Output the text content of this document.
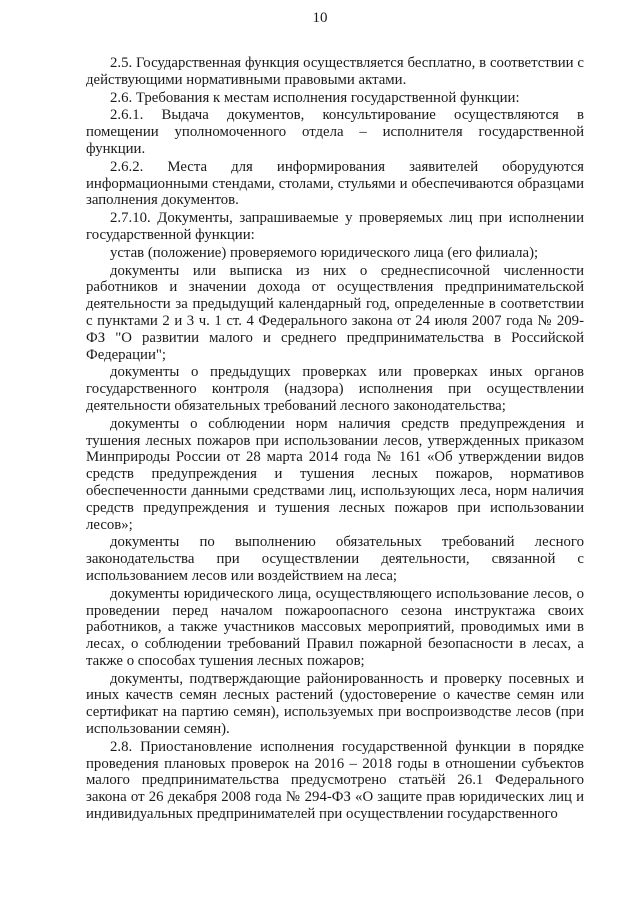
10

2.5. Государственная функция осуществляется бесплатно, в соответствии с действующими нормативными правовыми актами.

2.6. Требования к местам исполнения государственной функции:

2.6.1. Выдача документов, консультирование осуществляются в помещении уполномоченного отдела – исполнителя государственной функции.

2.6.2. Места для информирования заявителей оборудуются информационными стендами, столами, стульями и обеспечиваются образцами заполнения документов.

2.7.10. Документы, запрашиваемые у проверяемых лиц при исполнении государственной функции:

устав (положение) проверяемого юридического лица (его филиала);

документы или выписка из них о среднесписочной численности работников и значении дохода от осуществления предпринимательской деятельности за предыдущий календарный год, определенные в соответствии с пунктами 2 и 3 ч. 1 ст. 4 Федерального закона от 24 июля 2007 года № 209-ФЗ "О развитии малого и среднего предпринимательства в Российской Федерации";

документы о предыдущих проверках или проверках иных органов государственного контроля (надзора) исполнения при осуществлении деятельности обязательных требований лесного законодательства;

документы о соблюдении норм наличия средств предупреждения и тушения лесных пожаров при использовании лесов, утвержденных приказом Минприроды России от 28 марта 2014 года № 161 «Об утверждении видов средств предупреждения и тушения лесных пожаров, нормативов обеспеченности данными средствами лиц, использующих леса, норм наличия средств предупреждения и тушения лесных пожаров при использовании лесов»;

документы по выполнению обязательных требований лесного законодательства при осуществлении деятельности, связанной с использованием лесов или воздействием на леса;

документы юридического лица, осуществляющего использование лесов, о проведении перед началом пожароопасного сезона инструктажа своих работников, а также участников массовых мероприятий, проводимых ими в лесах, о соблюдении требований Правил пожарной безопасности в лесах, а также о способах тушения лесных пожаров;

документы, подтверждающие районированность и проверку посевных и иных качеств семян лесных растений (удостоверение о качестве семян или сертификат на партию семян), используемых при воспроизводстве лесов (при использовании семян).

2.8. Приостановление исполнения государственной функции в порядке проведения плановых проверок на 2016 – 2018 годы в отношении субъектов малого предпринимательства предусмотрено статьёй 26.1 Федерального закона от 26 декабря 2008 года № 294-ФЗ «О защите прав юридических лиц и индивидуальных предпринимателей при осуществлении государственного
